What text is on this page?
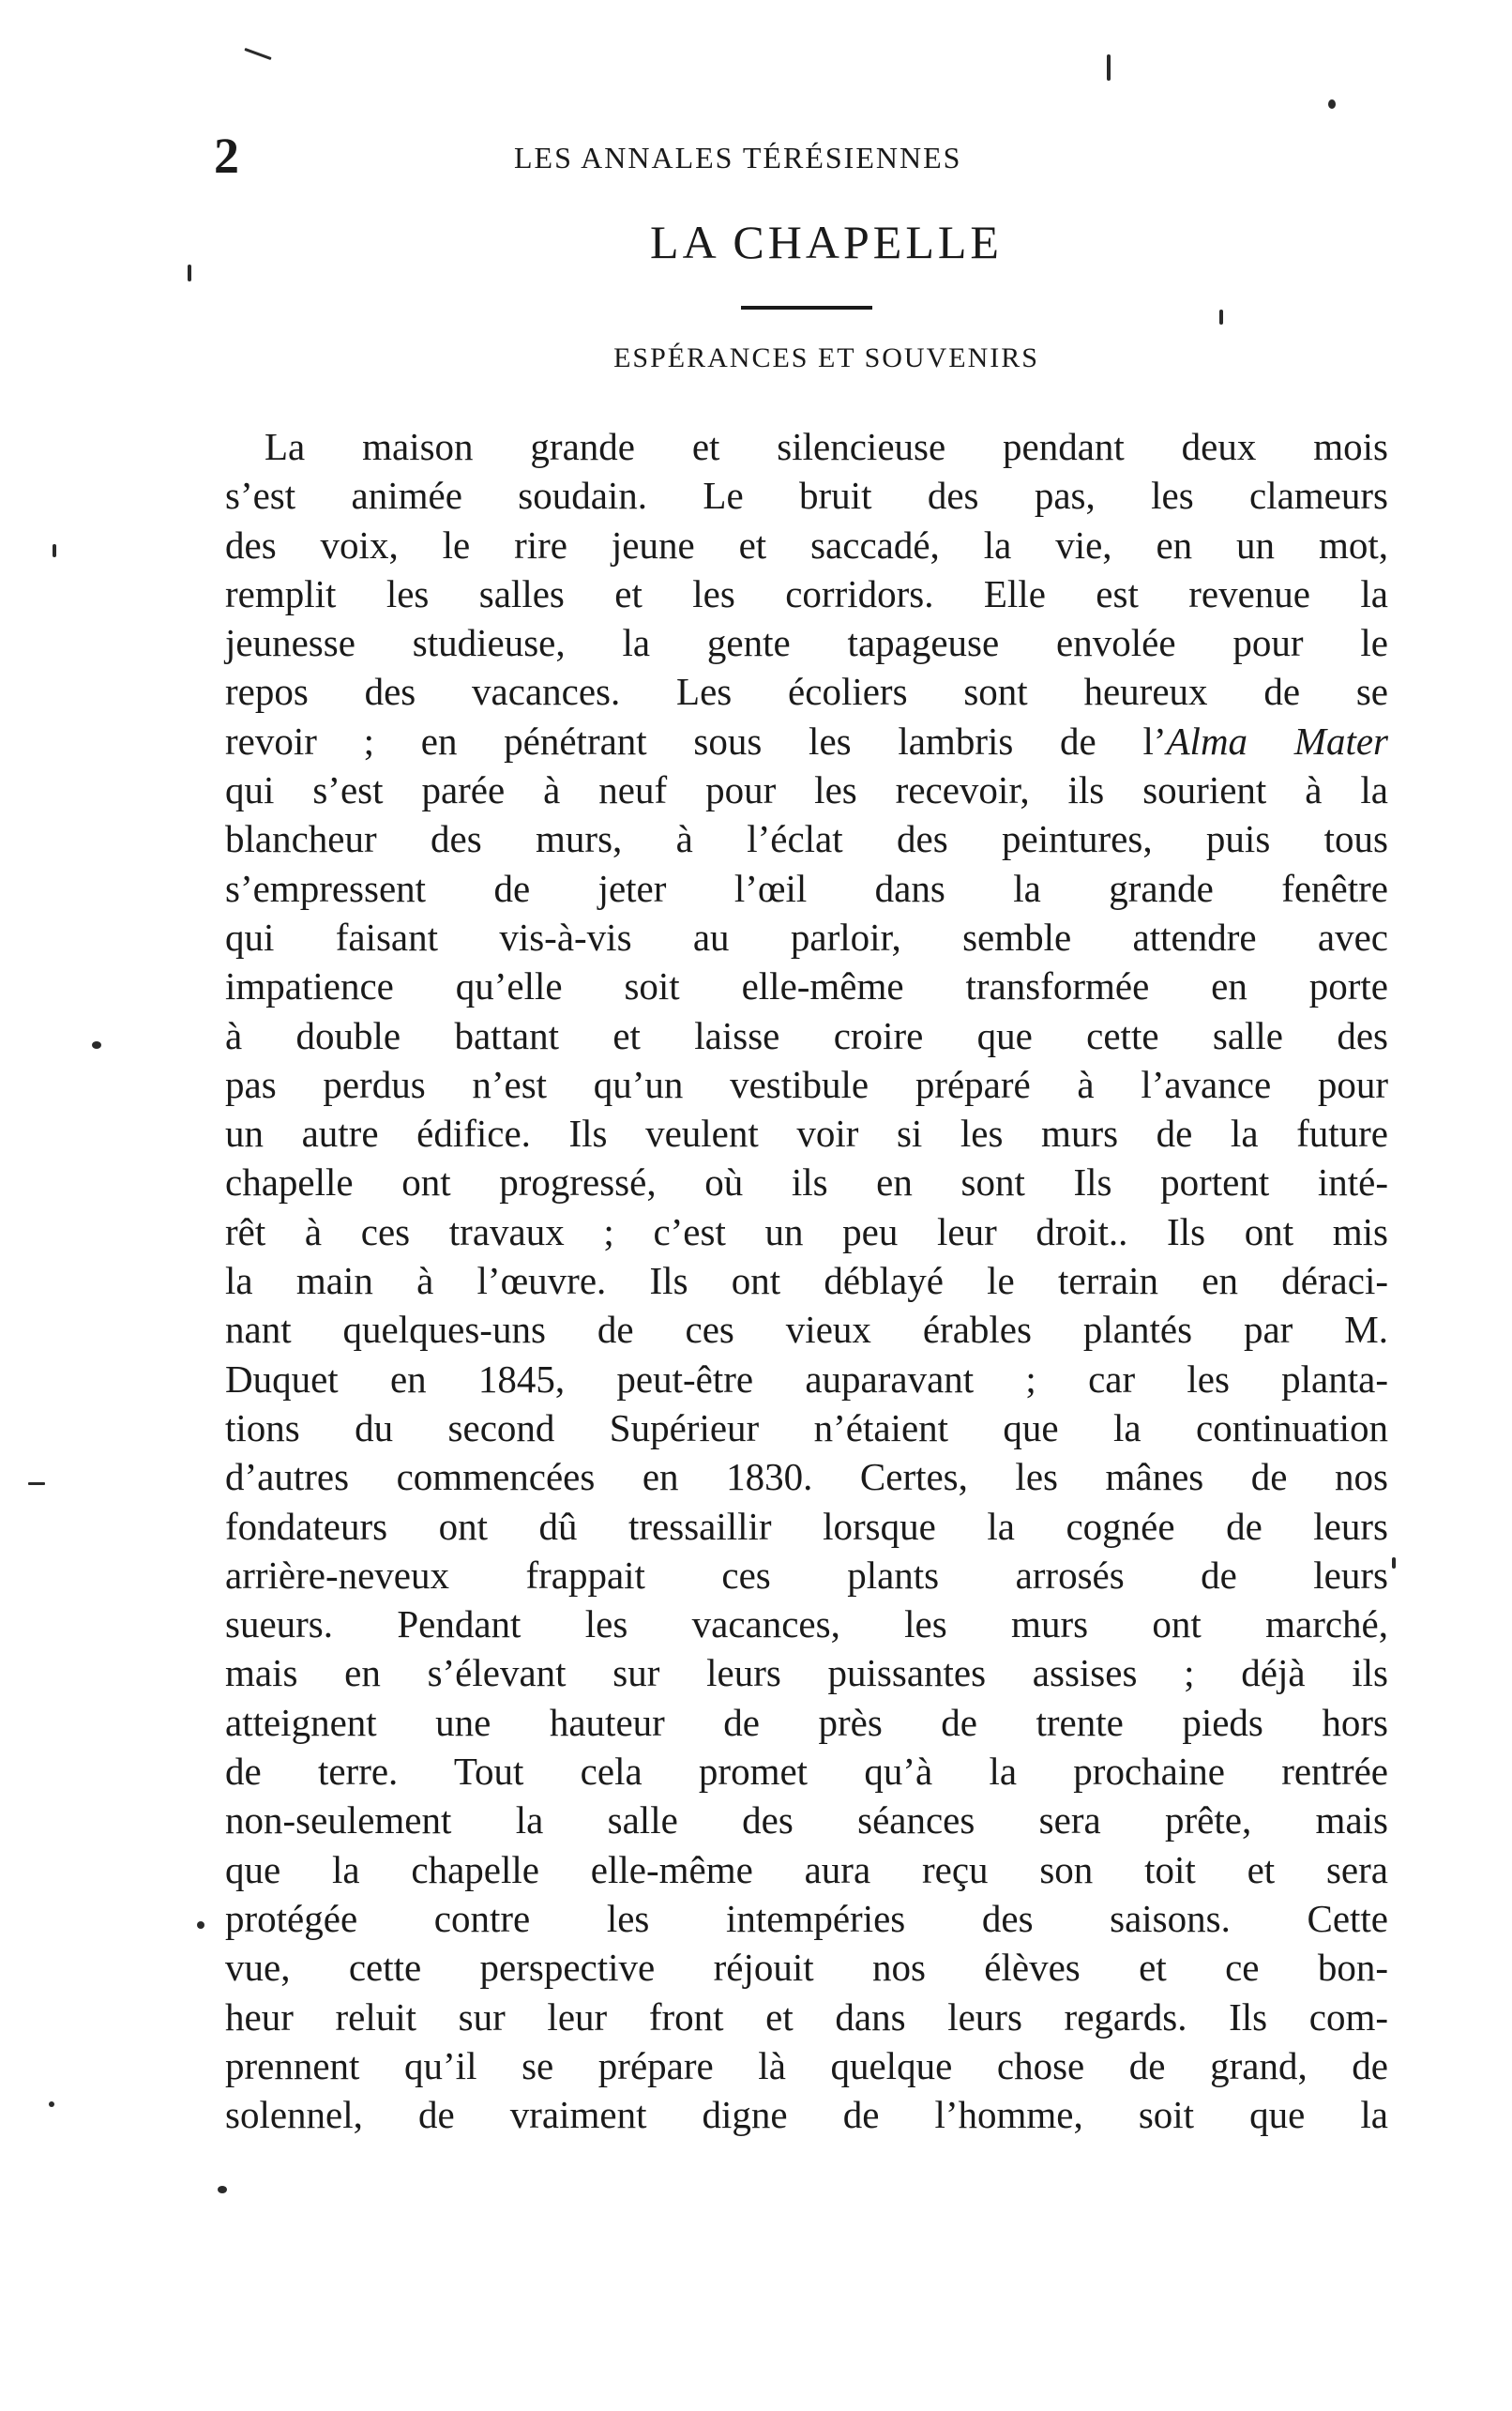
2	LES ANNALES TÉRÉSIENNES
LA CHAPELLE
ESPÉRANCES ET SOUVENIRS
La maison grande et silencieuse pendant deux mois
s’est animée soudain. Le bruit des pas, les clameurs
des voix, le rire jeune et saccadé, la vie, en un mot,
remplit les salles et les corridors. Elle est revenue la
jeunesse studieuse, la gente tapageuse envolée pour le
repos des vacances. Les écoliers sont heureux de se
revoir ; en pénétrant sous les lambris de l’Alma Mater
qui s’est parée à neuf pour les recevoir, ils sourient à la
blancheur des murs, à l’éclat des peintures, puis tous
s’empressent de jeter l’œil dans la grande fenêtre
qui faisant vis-à-vis au parloir, semble attendre avec
impatience qu’elle soit elle-même transformée en porte
à double battant et laisse croire que cette salle des
pas perdus n’est qu’un vestibule préparé à l’avance pour
un autre édifice. Ils veulent voir si les murs de la future
chapelle ont progressé, où ils en sont Ils portent inté-
rêt à ces travaux ; c’est un peu leur droit.. Ils ont mis
la main à l’œuvre. Ils ont déblayé le terrain en déraci-
nant quelques-uns de ces vieux érables plantés par M.
Duquet en 1845, peut-être auparavant ; car les planta-
tions du second Supérieur n’étaient que la continuation
d’autres commencées en 1830. Certes, les mânes de nos
fondateurs ont dû tressaillir lorsque la cognée de leurs
arrière-neveux frappait ces plants arrosés de leurs
sueurs. Pendant les vacances, les murs ont marché,
mais en s’élevant sur leurs puissantes assises ; déjà ils
atteignent une hauteur de près de trente pieds hors
de terre. Tout cela promet qu’à la prochaine rentrée
non-seulement la salle des séances sera prête, mais
que la chapelle elle-même aura reçu son toit et sera
protégée contre les intempéries des saisons. Cette
vue, cette perspective réjouit nos élèves et ce bon-
heur reluit sur leur front et dans leurs regards. Ils com-
prennent qu’il se prépare là quelque chose de grand, de
solennel, de vraiment digne de l’homme, soit que la
